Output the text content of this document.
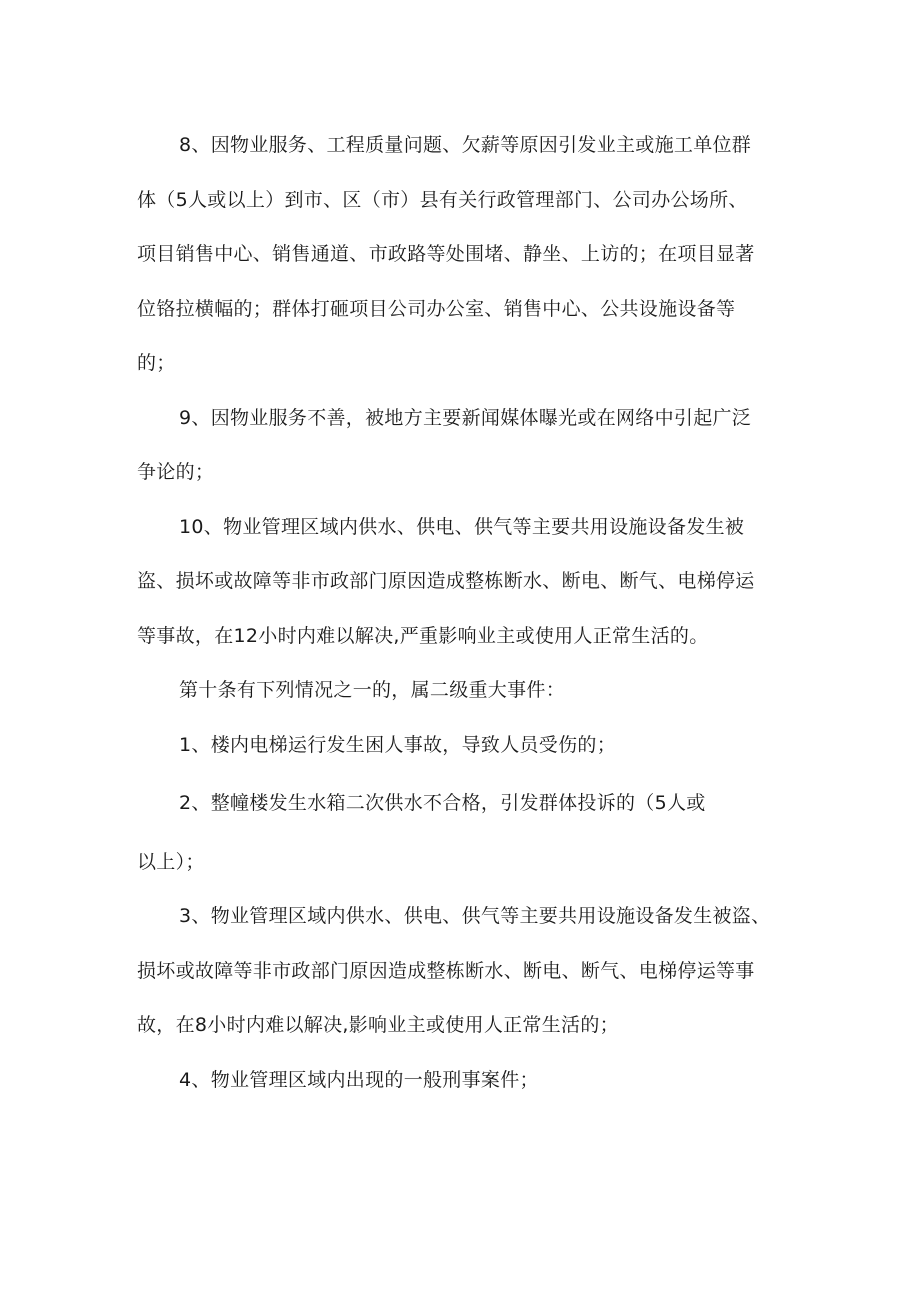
8、因物业服务、工程质量问题、欠薪等原因引发业主或施工单位群
体（5人或以上）到市、区（市）县有关行政管理部门、公司办公场所、
项目销售中心、销售通道、市政路等处围堵、静坐、上访的；在项目显著
位铬拉横幅的；群体打砸项目公司办公室、销售中心、公共设施设备等
的；

9、因物业服务不善，被地方主要新闻媒体曝光或在网络中引起广泛
争论的；

10、物业管理区域内供水、供电、供气等主要共用设施设备发生被
盗、损坏或故障等非市政部门原因造成整栋断水、断电、断气、电梯停运
等事故，在12小时内难以解决,严重影响业主或使用人正常生活的。

第十条有下列情况之一的，属二级重大事件：

1、楼内电梯运行发生困人事故，导致人员受伤的；

2、整幢楼发生水箱二次供水不合格，引发群体投诉的（5人或
以上）；

3、物业管理区域内供水、供电、供气等主要共用设施设备发生被盗、
损坏或故障等非市政部门原因造成整栋断水、断电、断气、电梯停运等事
故，在8小时内难以解决,影响业主或使用人正常生活的；

4、物业管理区域内出现的一般刑事案件；
